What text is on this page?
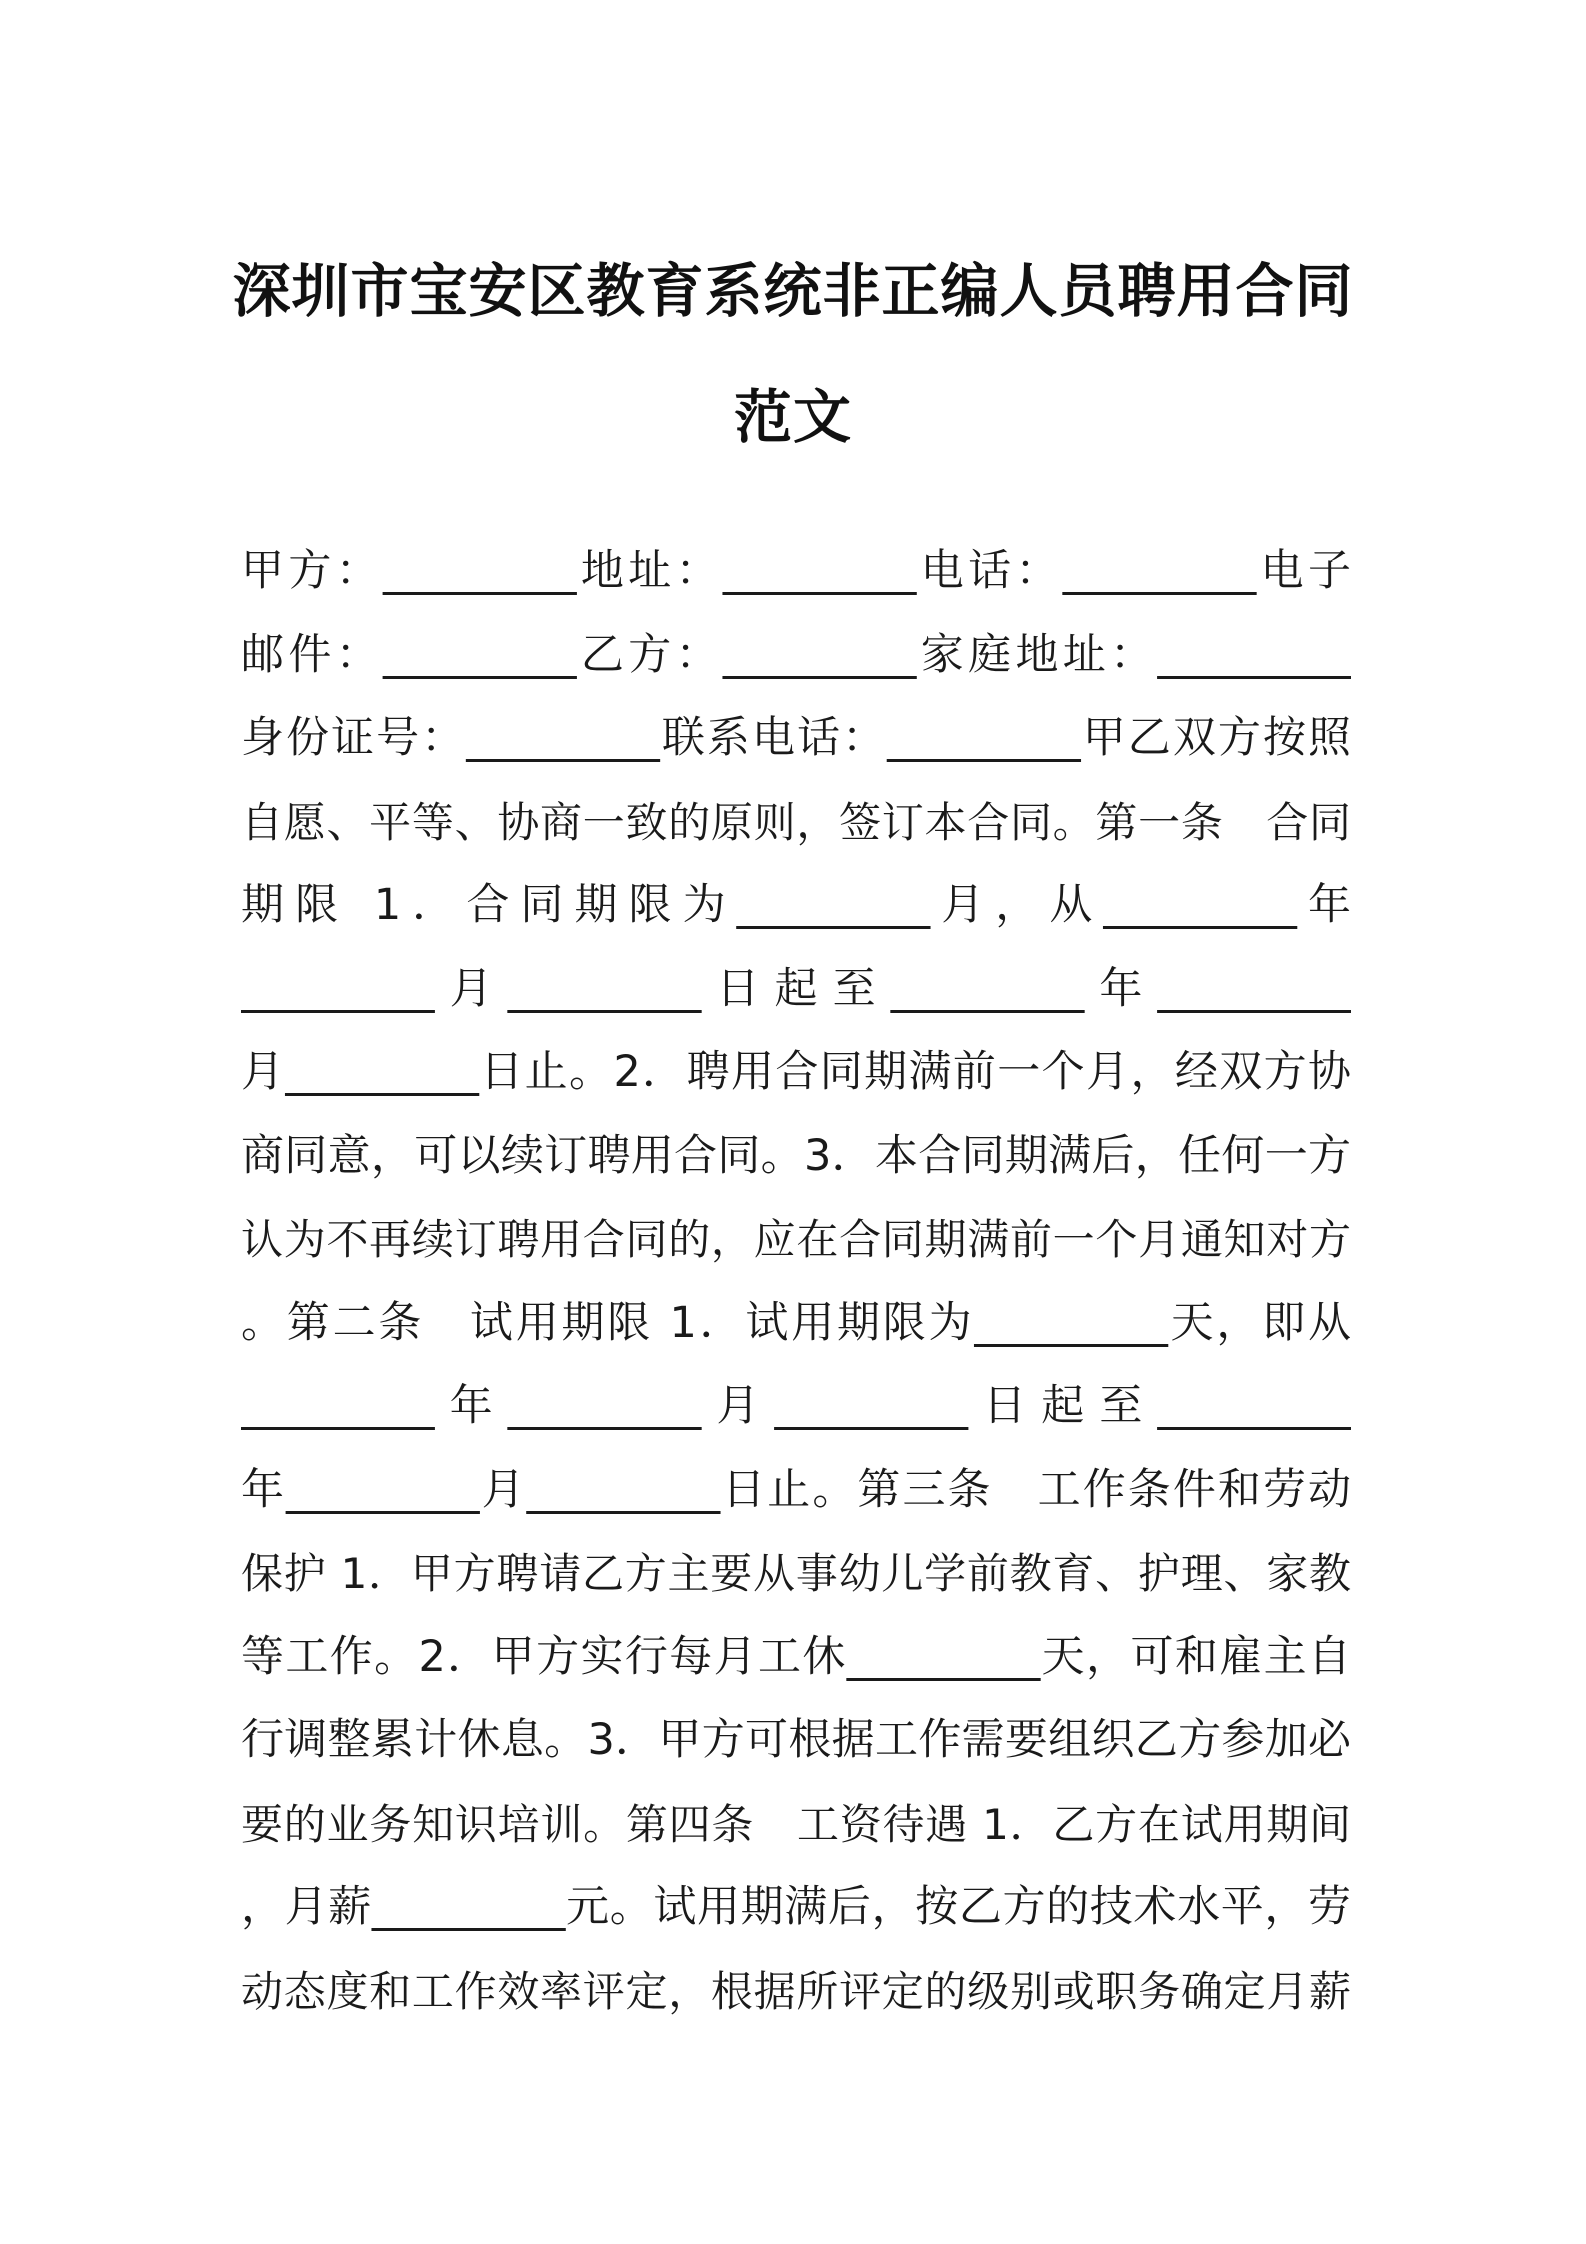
深圳市宝安区教育系统非正编人员聘用合同
范文
甲方：_________地址：_________电话：_________电子
邮件：_________乙方：_________家庭地址：_________
身份证号：_________联系电话：_________甲乙双方按照
自愿、平等、协商一致的原则，签订本合同。第一条　合同
期限 1．合同期限为_________月，从_________年
_________月_________日起至_________年_________
月_________日止。2．聘用合同期满前一个月，经双方协
商同意，可以续订聘用合同。3．本合同期满后，任何一方
认为不再续订聘用合同的，应在合同期满前一个月通知对方
。第二条　试用期限 1．试用期限为_________天，即从
_________年_________月_________日起至_________
年_________月_________日止。第三条　工作条件和劳动
保护 1．甲方聘请乙方主要从事幼儿学前教育、护理、家教
等工作。2．甲方实行每月工休_________天，可和雇主自
行调整累计休息。3．甲方可根据工作需要组织乙方参加必
要的业务知识培训。第四条　工资待遇 1．乙方在试用期间
，月薪_________元。试用期满后，按乙方的技术水平，劳
动态度和工作效率评定，根据所评定的级别或职务确定月薪
